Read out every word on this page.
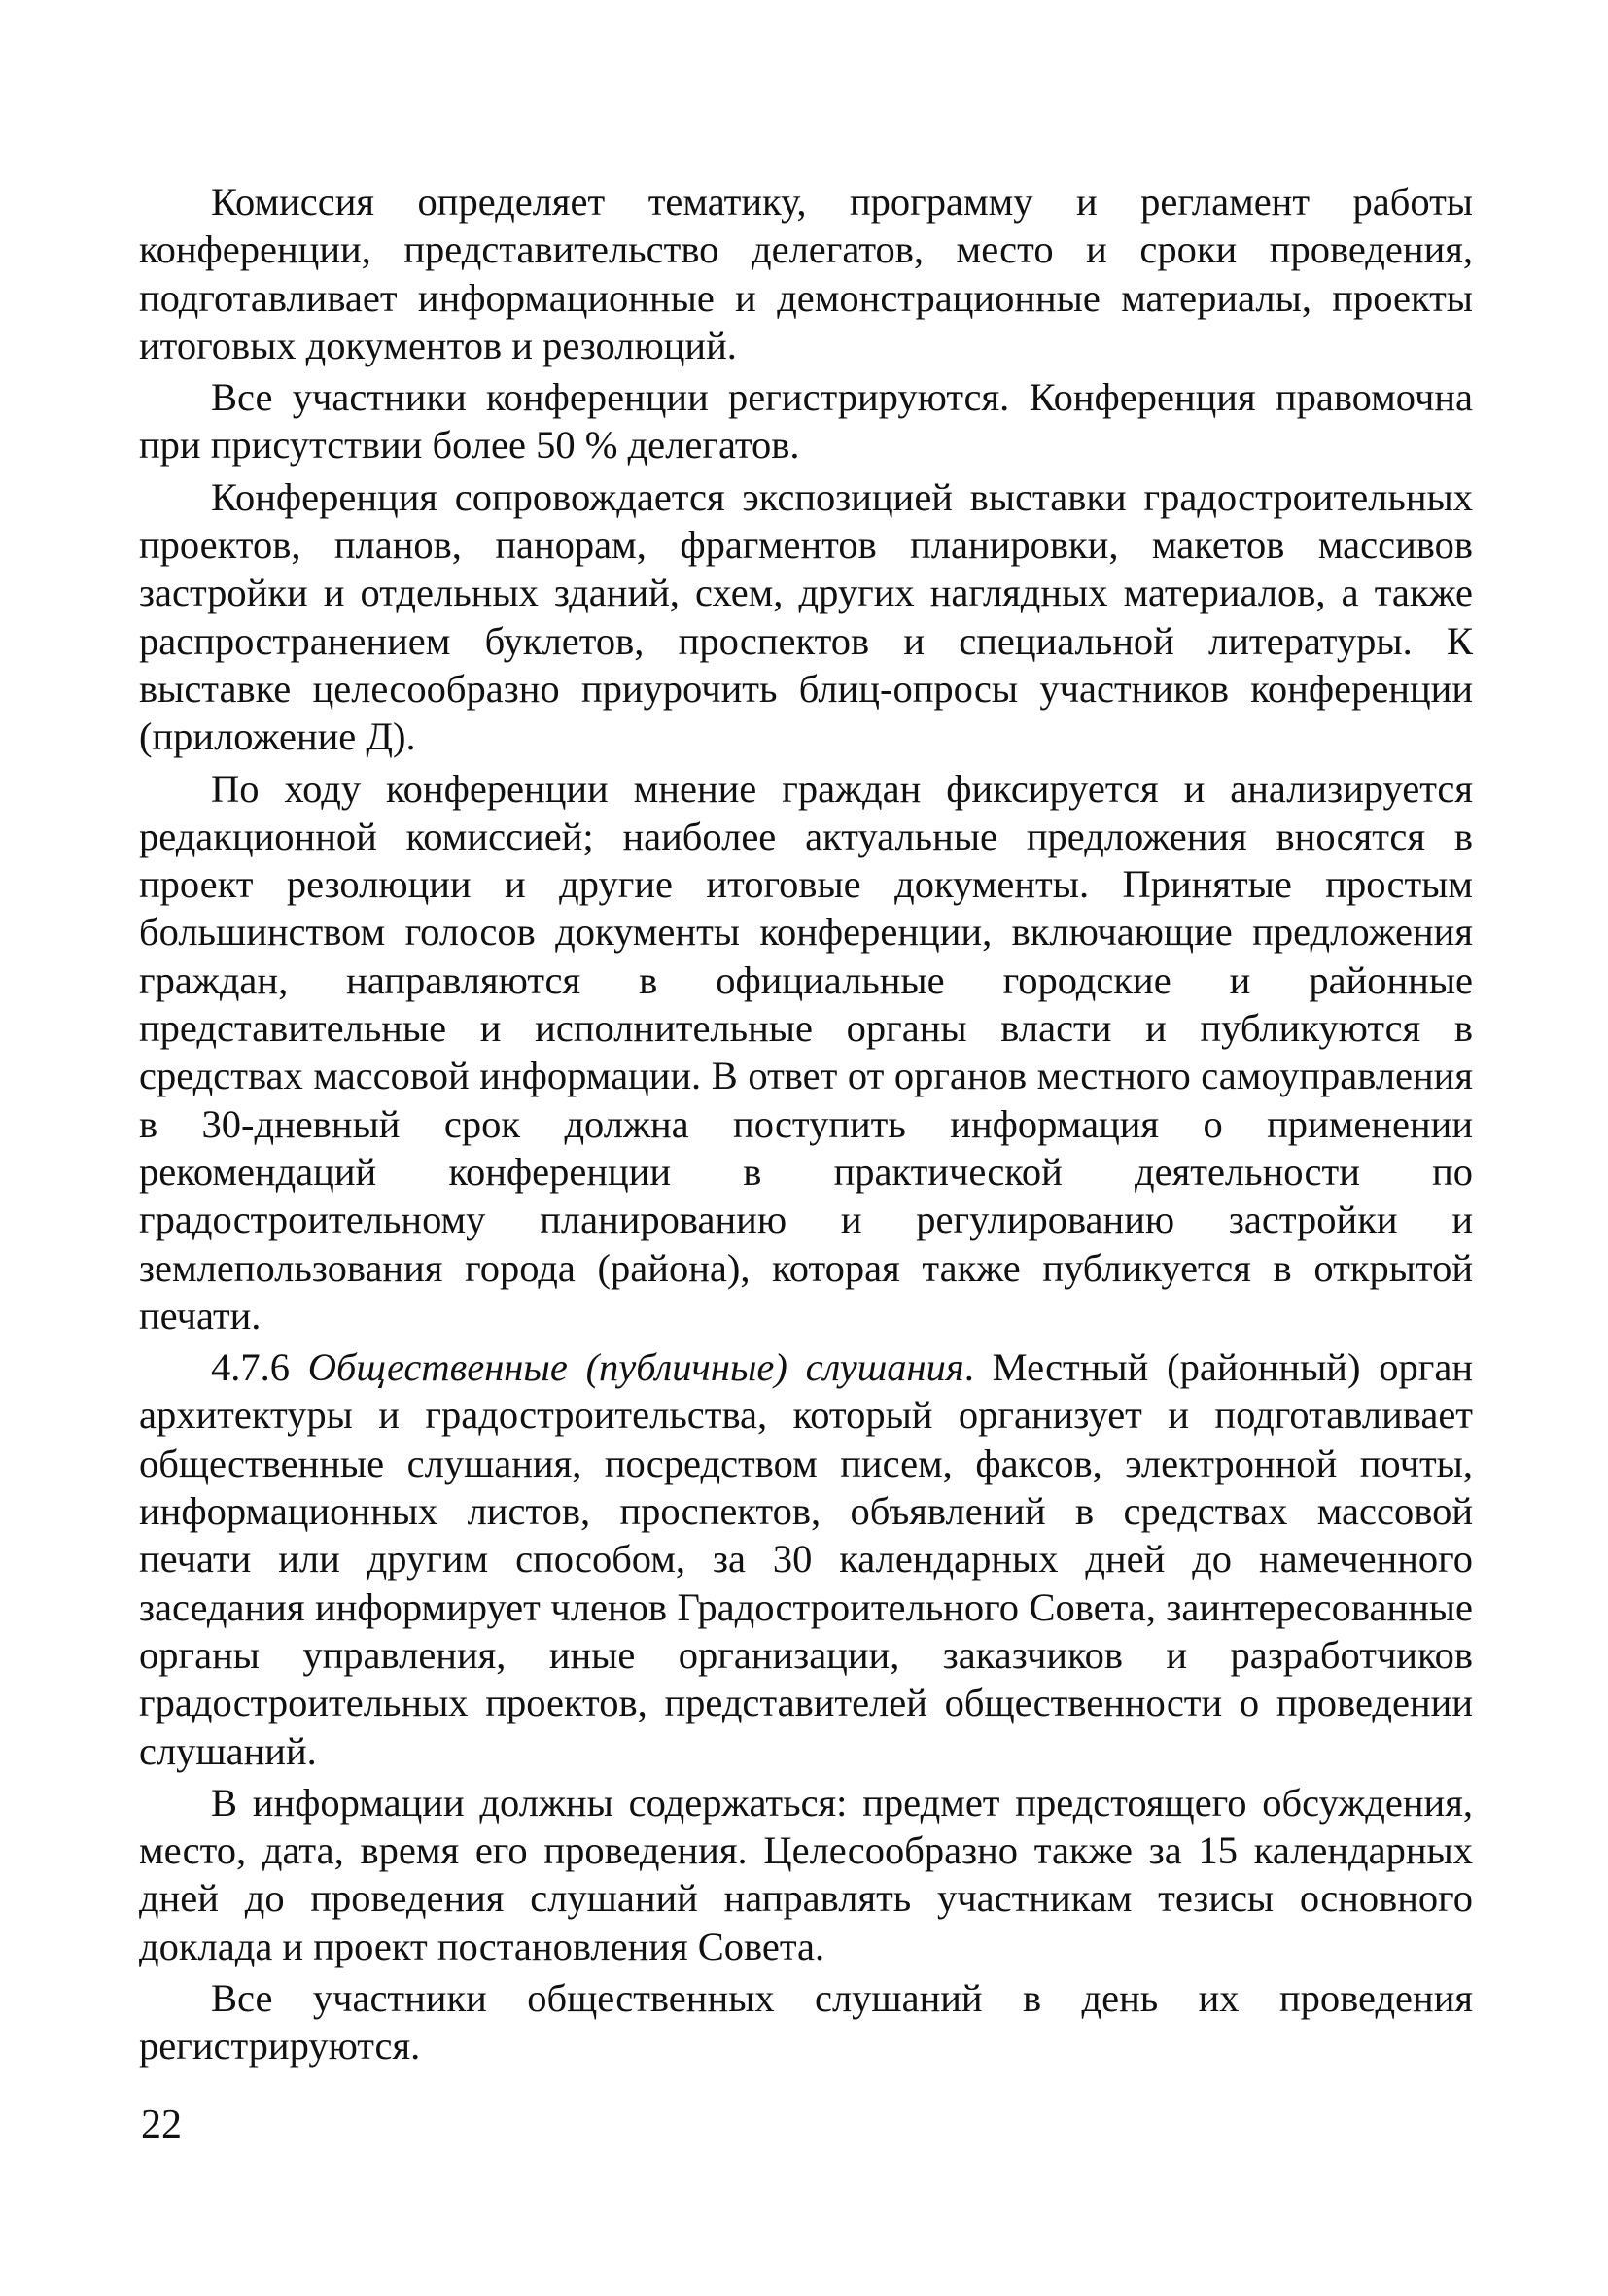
Комиссия определяет тематику, программу и регламент работы конференции, представительство делегатов, место и сроки проведения, подготавливает информационные и демонстрационные материалы, проекты итоговых документов и резолюций.

Все участники конференции регистрируются. Конференция правомочна при присутствии более 50 % делегатов.

Конференция сопровождается экспозицией выставки градостроительных проектов, планов, панорам, фрагментов планировки, макетов массивов застройки и отдельных зданий, схем, других наглядных материалов, а также распространением буклетов, проспектов и специальной литературы. К выставке целесообразно приурочить блиц-опросы участников конференции (приложение Д).

По ходу конференции мнение граждан фиксируется и анализируется редакционной комиссией; наиболее актуальные предложения вносятся в проект резолюции и другие итоговые документы. Принятые простым большинством голосов документы конференции, включающие предложения граждан, направляются в официальные городские и районные представительные и исполнительные органы власти и публикуются в средствах массовой информации. В ответ от органов местного самоуправления в 30-дневный срок должна поступить информация о применении рекомендаций конференции в практической деятельности по градостроительному планированию и регулированию застройки и землепользования города (района), которая также публикуется в открытой печати.

4.7.6 Общественные (публичные) слушания. Местный (районный) орган архитектуры и градостроительства, который организует и подготавливает общественные слушания, посредством писем, факсов, электронной почты, информационных листов, проспектов, объявлений в средствах массовой печати или другим способом, за 30 календарных дней до намеченного заседания информирует членов Градостроительного Совета, заинтересованные органы управления, иные организации, заказчиков и разработчиков градостроительных проектов, представителей общественности о проведении слушаний.

В информации должны содержаться: предмет предстоящего обсуждения, место, дата, время его проведения. Целесообразно также за 15 календарных дней до проведения слушаний направлять участникам тезисы основного доклада и проект постановления Совета.

Все участники общественных слушаний в день их проведения регистрируются.

22
